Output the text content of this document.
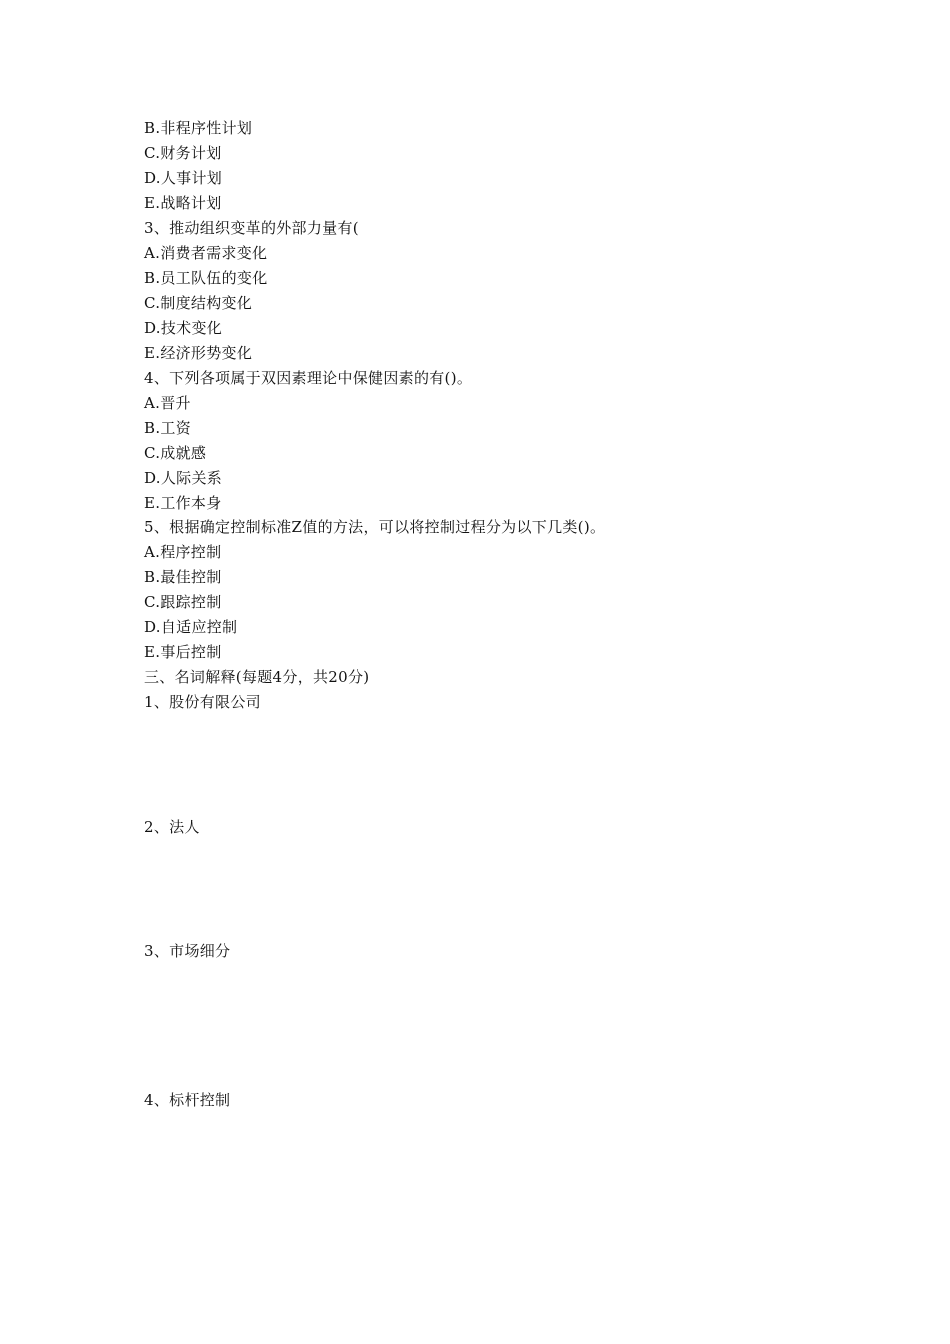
B.非程序性计划
C.财务计划
D.人事计划
E.战略计划
3、推动组织变革的外部力量有(
A.消费者需求变化
B.员工队伍的变化
C.制度结构变化
D.技术变化
E.经济形势变化
4、下列各项属于双因素理论中保健因素的有()。
A.晋升
B.工资
C.成就感
D.人际关系
E.工作本身
5、根据确定控制标准Z值的方法，可以将控制过程分为以下几类()。
A.程序控制
B.最佳控制
C.跟踪控制
D.自适应控制
E.事后控制
三、名词解释(每题4分，共20分)
1、股份有限公司
2、法人
3、市场细分
4、标杆控制
